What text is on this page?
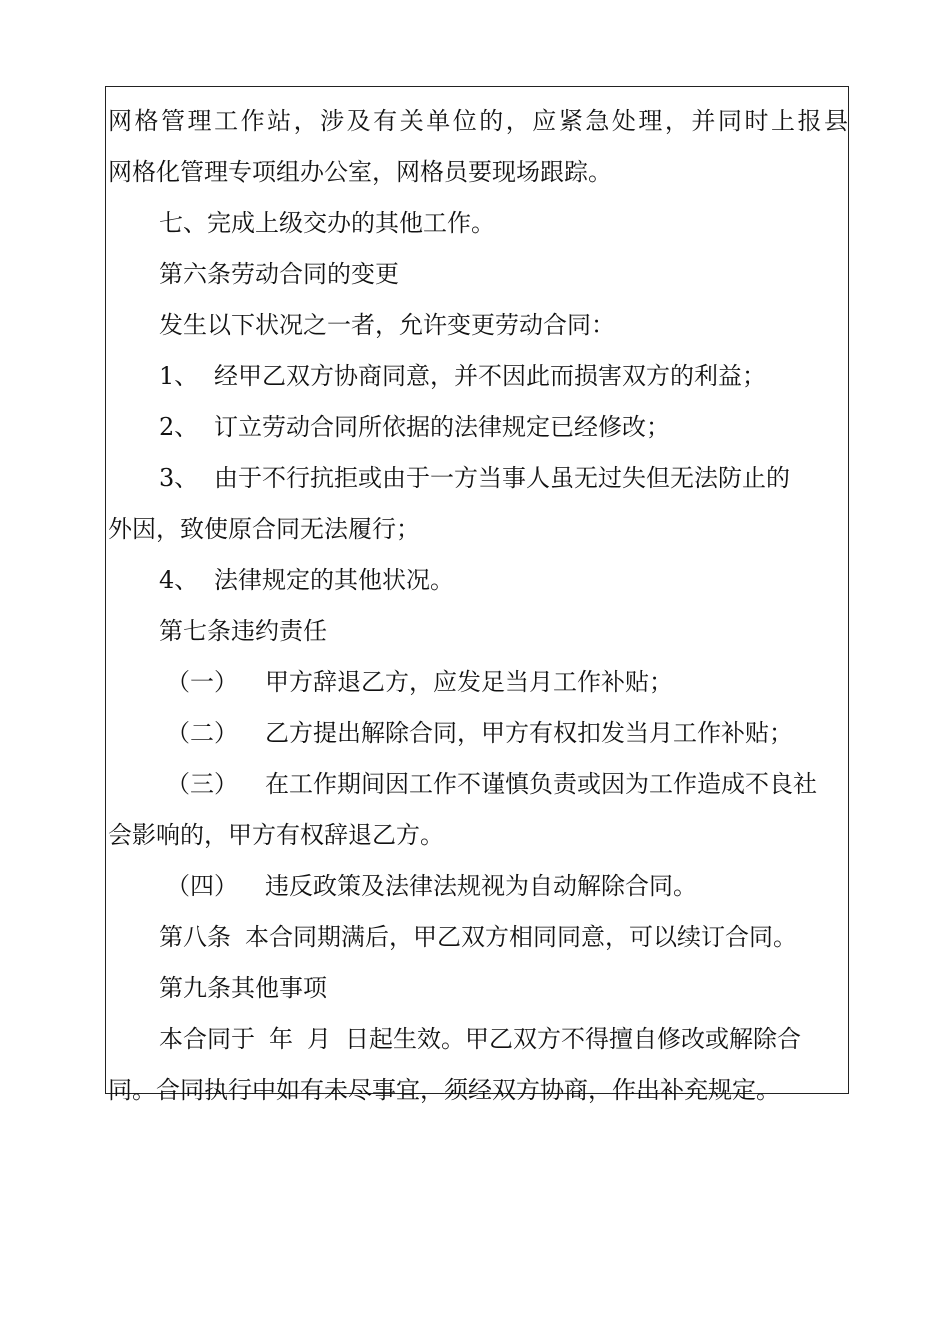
网格管理工作站，涉及有关单位的，应紧急处理，并同时上报县
网格化管理专项组办公室，网格员要现场跟踪。
七、完成上级交办的其他工作。
第六条劳动合同的变更
发生以下状况之一者，允许变更劳动合同：
1、 经甲乙双方协商同意，并不因此而损害双方的利益；
2、 订立劳动合同所依据的法律规定已经修改；
3、 由于不行抗拒或由于一方当事人虽无过失但无法防止的
外因，致使原合同无法履行；
4、 法律规定的其他状况。
第七条违约责任
（一） 甲方辞退乙方，应发足当月工作补贴；
（二） 乙方提出解除合同，甲方有权扣发当月工作补贴；
（三） 在工作期间因工作不谨慎负责或因为工作造成不良社
会影响的，甲方有权辞退乙方。
（四） 违反政策及法律法规视为自动解除合同。
第八条 本合同期满后，甲乙双方相同同意，可以续订合同。
第九条其他事项
本合同于 年 月 日起生效。甲乙双方不得擅自修改或解除合
同。合同执行中如有未尽事宜，须经双方协商，作出补充规定。
